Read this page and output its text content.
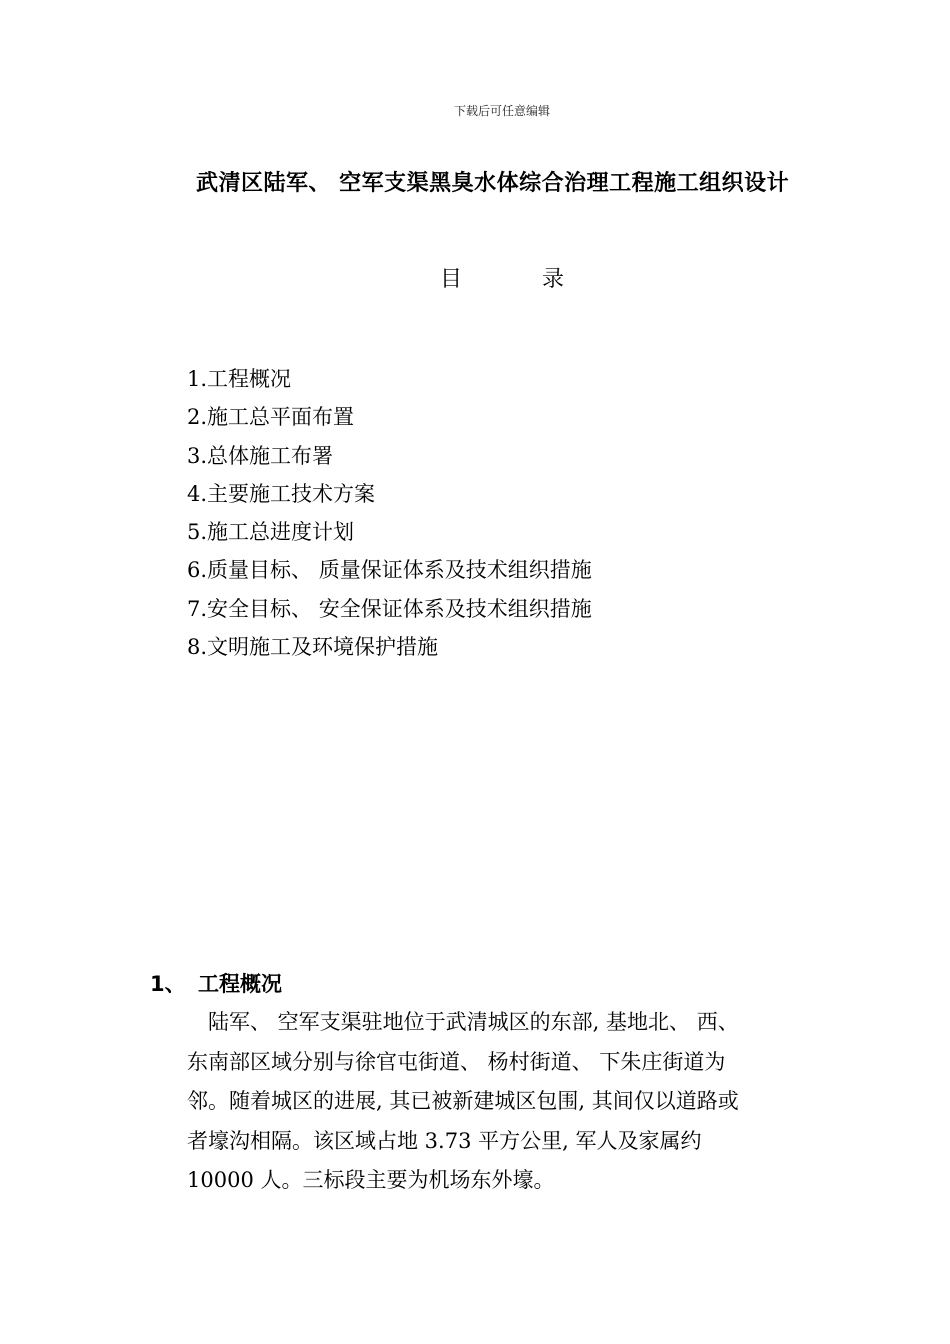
下载后可任意编辑
武清区陆军、 空军支渠黑臭水体综合治理工程施工组织设计
目	录
1.工程概况
2.施工总平面布置
3.总体施工布署
4.主要施工技术方案
5.施工总进度计划
6.质量目标、 质量保证体系及技术组织措施
7.安全目标、 安全保证体系及技术组织措施
8.文明施工及环境保护措施
1、 工程概况
　陆军、 空军支渠驻地位于武清城区的东部, 基地北、 西、
东南部区域分别与徐官屯街道、 杨村街道、 下朱庄街道为
邻。随着城区的进展, 其已被新建城区包围, 其间仅以道路或
者壕沟相隔。该区域占地 3.73 平方公里, 军人及家属约
10000 人。三标段主要为机场东外壕。
